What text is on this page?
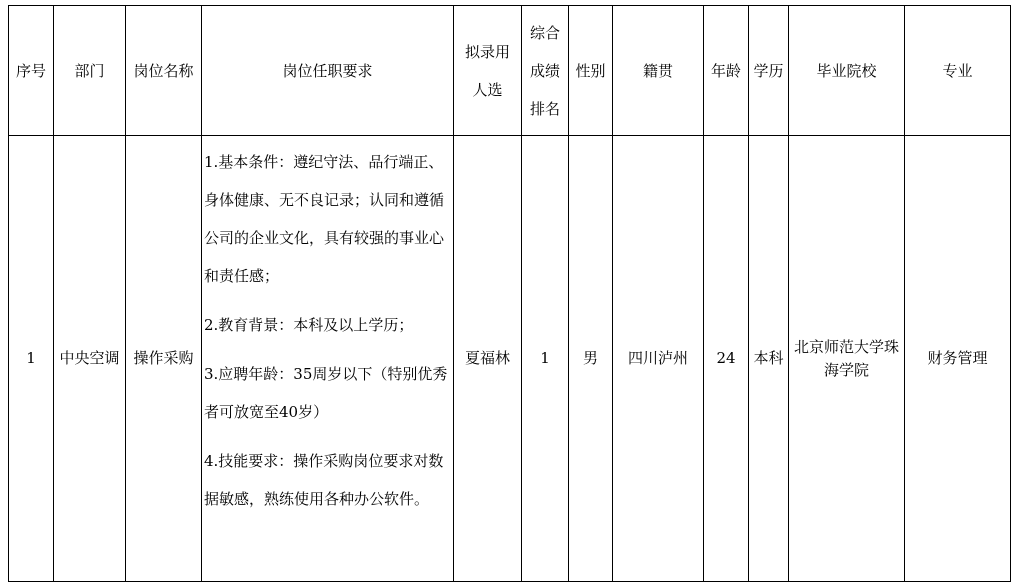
序号	部门	岗位名称	岗位任职要求	拟录用 人选	综合成绩排名	性别	籍贯	年龄	学历	毕业院校	专业
1	中央空调	操作采购	1.基本条件：遵纪守法、品行端正、身体健康、无不良记录；认同和遵循公司的企业文化，具有较强的事业心和责任感；

2.教育背景：本科及以上学历；

3.应聘年龄：35周岁以下（特别优秀者可放宽至40岁）

4.技能要求：操作采购岗位要求对数据敏感，熟练使用各种办公软件。	夏福林	1	男	四川泸州	24	本科	北京师范大学珠海学院	财务管理
